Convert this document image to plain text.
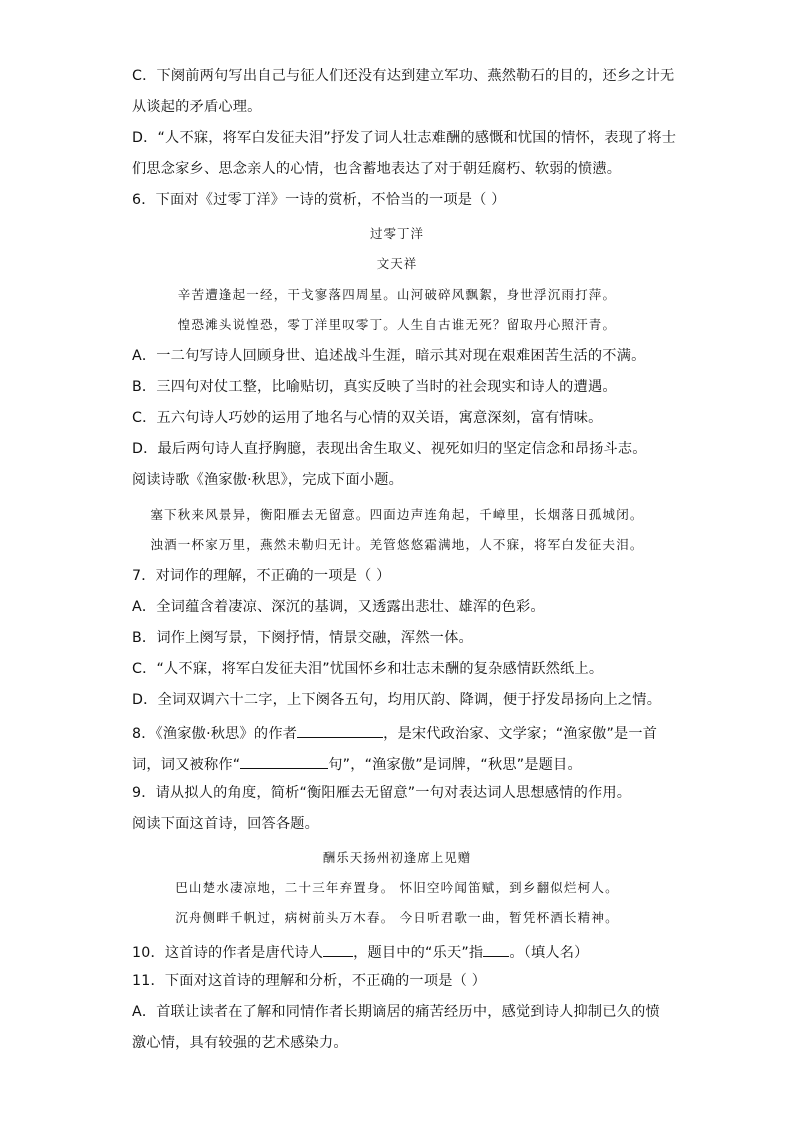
C．下阕前两句写出自己与征人们还没有达到建立军功、燕然勒石的目的，还乡之计无
从谈起的矛盾心理。
D．“人不寐，将军白发征夫泪”抒发了词人壮志难酬的感慨和忧国的情怀，表现了将士
们思念家乡、思念亲人的心情，也含蓄地表达了对于朝廷腐朽、软弱的愤懑。
6．下面对《过零丁洋》一诗的赏析，不恰当的一项是（ ）
过零丁洋
文天祥
辛苦遭逢起一经，干戈寥落四周星。山河破碎风飘絮，身世浮沉雨打萍。
惶恐滩头说惶恐，零丁洋里叹零丁。人生自古谁无死？留取丹心照汗青。
A．一二句写诗人回顾身世、追述战斗生涯，暗示其对现在艰难困苦生活的不满。
B．三四句对仗工整，比喻贴切，真实反映了当时的社会现实和诗人的遭遇。
C．五六句诗人巧妙的运用了地名与心情的双关语，寓意深刻，富有情味。
D．最后两句诗人直抒胸臆，表现出舍生取义、视死如归的坚定信念和昂扬斗志。
阅读诗歌《渔家傲·秋思》，完成下面小题。
塞下秋来风景异，衡阳雁去无留意。四面边声连角起，千嶂里，长烟落日孤城闭。
浊酒一杯家万里，燕然未勒归无计。羌管悠悠霜满地，人不寐，将军白发征夫泪。
7．对词作的理解，不正确的一项是（ ）
A．全词蕴含着凄凉、深沉的基调，又透露出悲壮、雄浑的色彩。
B．词作上阕写景，下阕抒情，情景交融，浑然一体。
C．“人不寐，将军白发征夫泪”忧国怀乡和壮志未酬的复杂感情跃然纸上。
D．全词双调六十二字，上下阕各五句，均用仄韵、降调，便于抒发昂扬向上之情。
8．《渔家傲·秋思》的作者	，是宋代政治家、文学家；“渔家傲”是一首
词，词又被称作“	句”，“渔家傲”是词牌，“秋思”是题目。
9．请从拟人的角度，简析“衡阳雁去无留意”一句对表达词人思想感情的作用。
阅读下面这首诗，回答各题。
酬乐天扬州初逢席上见赠
巴山楚水凄凉地，二十三年弃置身。 怀旧空吟闻笛赋，到乡翻似烂柯人。
沉舟侧畔千帆过，病树前头万木春。 今日听君歌一曲，暂凭杯酒长精神。
10．这首诗的作者是唐代诗人 ，题目中的“乐天”指 。（填人名）
11．下面对这首诗的理解和分析，不正确的一项是（ ）
A．首联让读者在了解和同情作者长期谪居的痛苦经历中，感觉到诗人抑制已久的愤
激心情，具有较强的艺术感染力。
